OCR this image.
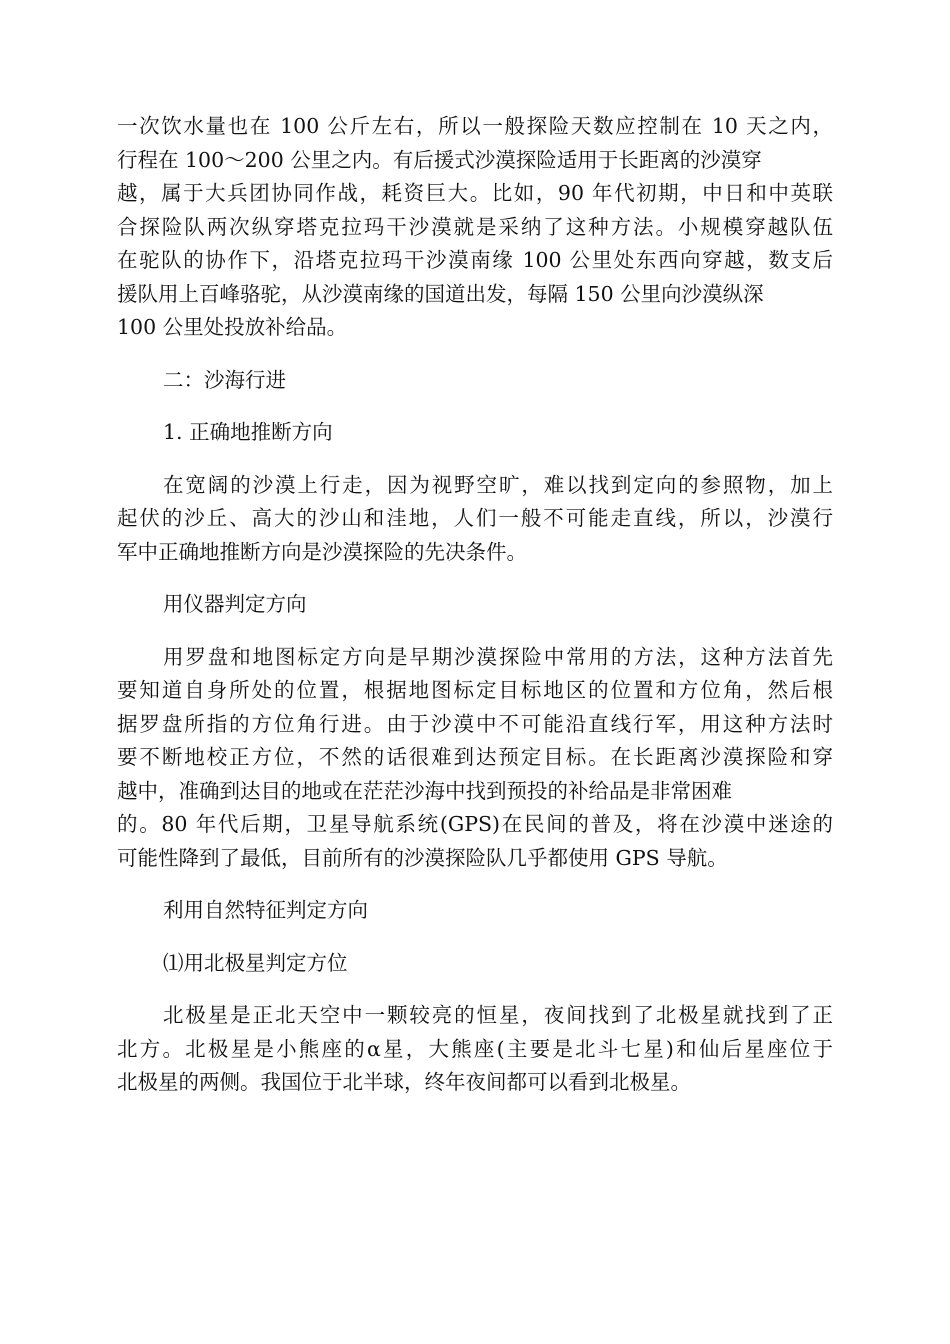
一次饮水量也在 100 公斤左右，所以一般探险天数应控制在 10 天之内，
行程在 100～200 公里之内。有后援式沙漠探险适用于长距离的沙漠穿
越，属于大兵团协同作战，耗资巨大。比如，90 年代初期，中日和中英联
合探险队两次纵穿塔克拉玛干沙漠就是采纳了这种方法。小规模穿越队伍
在驼队的协作下，沿塔克拉玛干沙漠南缘 100 公里处东西向穿越，数支后
援队用上百峰骆驼，从沙漠南缘的国道出发，每隔 150 公里向沙漠纵深
100 公里处投放补给品。
二：沙海行进
1. 正确地推断方向
在宽阔的沙漠上行走，因为视野空旷，难以找到定向的参照物，加上
起伏的沙丘、高大的沙山和洼地，人们一般不可能走直线，所以，沙漠行
军中正确地推断方向是沙漠探险的先决条件。
用仪器判定方向
用罗盘和地图标定方向是早期沙漠探险中常用的方法，这种方法首先
要知道自身所处的位置，根据地图标定目标地区的位置和方位角，然后根
据罗盘所指的方位角行进。由于沙漠中不可能沿直线行军，用这种方法时
要不断地校正方位，不然的话很难到达预定目标。在长距离沙漠探险和穿
越中，准确到达目的地或在茫茫沙海中找到预投的补给品是非常困难
的。80 年代后期，卫星导航系统(GPS)在民间的普及，将在沙漠中迷途的
可能性降到了最低，目前所有的沙漠探险队几乎都使用 GPS 导航。
利用自然特征判定方向
⑴用北极星判定方位
北极星是正北天空中一颗较亮的恒星，夜间找到了北极星就找到了正
北方。北极星是小熊座的α星，大熊座(主要是北斗七星)和仙后星座位于
北极星的两侧。我国位于北半球，终年夜间都可以看到北极星。
